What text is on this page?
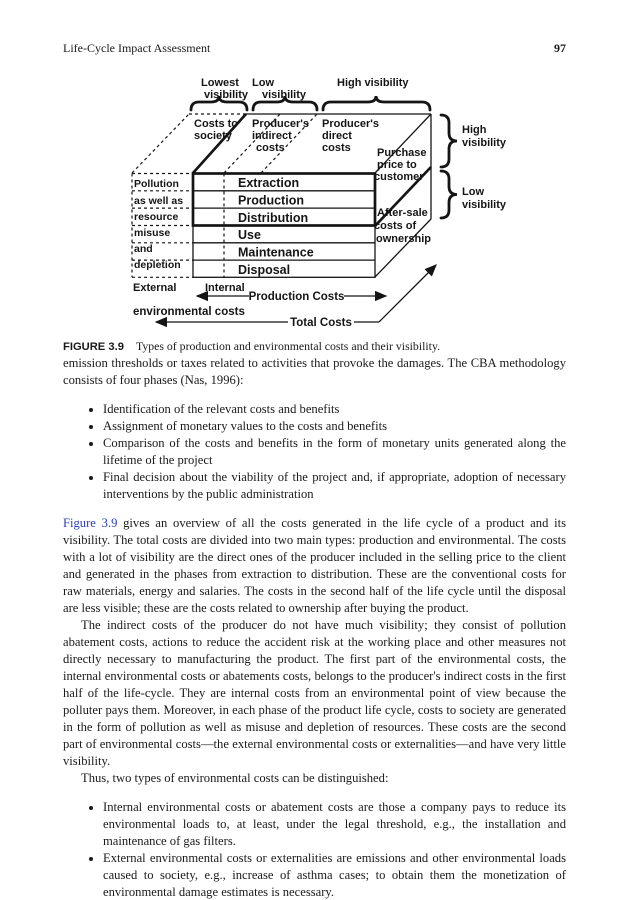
Life-Cycle Impact Assessment	97
Lowest
visibility
Low
visibility
High visibility
Costs to
society
Producer's
indirect
costs
Producer's
direct
costs Purchase
price to
customer
After-sale
costs of
ownership
High
visibility
Low
visibility
Extraction
Production
Distribution
Use
Maintenance
Disposal
Pollution
as well as
resource
misuse
and
depletion
External	Internal
Production Costs
environmental costs
Total Costs

FIGURE 3.9 Types of production and environmental costs and their visibility.

emission thresholds or taxes related to activities that provoke the damages. The CBA methodology consists of four phases (Nas, 1996):

• Identification of the relevant costs and benefits
• Assignment of monetary values to the costs and benefits
• Comparison of the costs and benefits in the form of monetary units generated along the lifetime of the project
• Final decision about the viability of the project and, if appropriate, adoption of necessary interventions by the public administration

Figure 3.9 gives an overview of all the costs generated in the life cycle of a product and its visibility. The total costs are divided into two main types: production and environmental. The costs with a lot of visibility are the direct ones of the producer included in the selling price to the client and generated in the phases from extraction to distribution. These are the conventional costs for raw materials, energy and salaries. The costs in the second half of the life cycle until the disposal are less visible; these are the costs related to ownership after buying the product.

The indirect costs of the producer do not have much visibility; they consist of pollution abatement costs, actions to reduce the accident risk at the working place and other measures not directly necessary to manufacturing the product. The first part of the environmental costs, the internal environmental costs or abatements costs, belongs to the producer's indirect costs in the first half of the life-cycle. They are internal costs from an environmental point of view because the polluter pays them. Moreover, in each phase of the product life cycle, costs to society are generated in the form of pollution as well as misuse and depletion of resources. These costs are the second part of environmental costs—the external environmental costs or externalities—and have very little visibility.

Thus, two types of environmental costs can be distinguished:

• Internal environmental costs or abatement costs are those a company pays to reduce its environmental loads to, at least, under the legal threshold, e.g., the installation and maintenance of gas filters.
• External environmental costs or externalities are emissions and other environmental loads caused to society, e.g., increase of asthma cases; to obtain them the monetization of environmental damage estimates is necessary.
